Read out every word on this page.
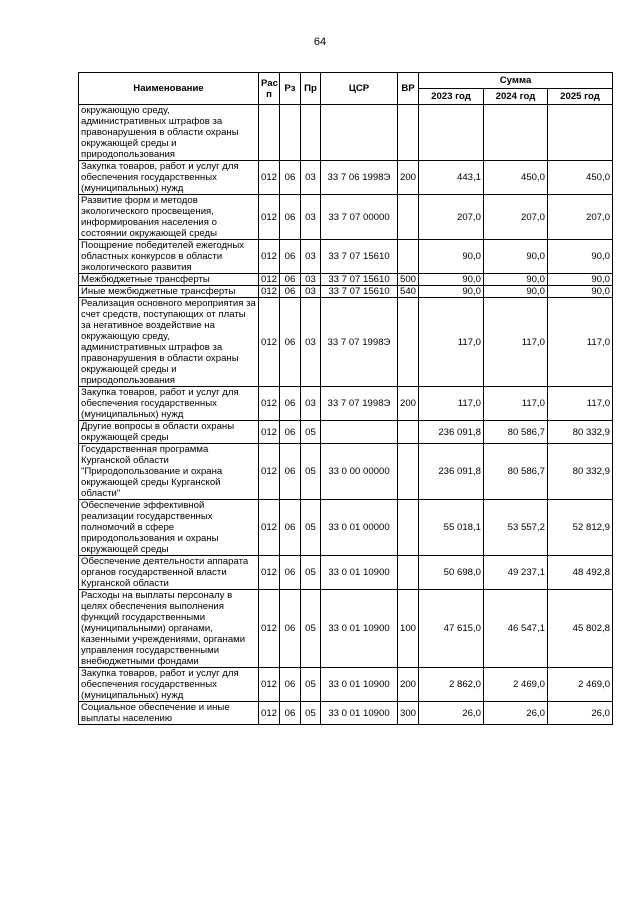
64
Наименование	Рас п	Рз	Пр	ЦСР	ВР	Сумма		
						2023 год	2024 год	2025 год
окружающую среду, административных штрафов за правонарушения в области охраны окружающей среды и природопользования								
Закупка товаров, работ и услуг для обеспечения государственных (муниципальных) нужд	012	06	03	33 7 06 1998Э	200	443,1	450,0	450,0
Развитие форм и методов экологического просвещения, информирования населения о состоянии окружающей среды	012	06	03	33 7 07 00000		207,0	207,0	207,0
Поощрение победителей ежегодных областных конкурсов в области экологического развития	012	06	03	33 7 07 15610		90,0	90,0	90,0
Межбюджетные трансферты	012	06	03	33 7 07 15610	500	90,0	90,0	90,0
Иные межбюджетные трансферты	012	06	03	33 7 07 15610	540	90,0	90,0	90,0
Реализация основного мероприятия за счет средств, поступающих от платы за негативное воздействие на окружающую среду, административных штрафов за правонарушения в области охраны окружающей среды и природопользования	012	06	03	33 7 07 1998Э		117,0	117,0	117,0
Закупка товаров, работ и услуг для обеспечения государственных (муниципальных) нужд	012	06	03	33 7 07 1998Э	200	117,0	117,0	117,0
Другие вопросы в области охраны окружающей среды	012	06	05			236 091,8	80 586,7	80 332,9
Государственная программа Курганской области "Природопользование и охрана окружающей среды Курганской области"	012	06	05	33 0 00 00000		236 091,8	80 586,7	80 332,9
Обеспечение эффективной реализации государственных полномочий в сфере природопользования и охраны окружающей среды	012	06	05	33 0 01 00000		55 018,1	53 557,2	52 812,9
Обеспечение деятельности аппарата органов государственной власти Курганской области	012	06	05	33 0 01 10900		50 698,0	49 237,1	48 492,8
Расходы на выплаты персоналу в целях обеспечения выполнения функций государственными (муниципальными) органами, казенными учреждениями, органами управления государственными внебюджетными фондами	012	06	05	33 0 01 10900	100	47 615,0	46 547,1	45 802,8
Закупка товаров, работ и услуг для обеспечения государственных (муниципальных) нужд	012	06	05	33 0 01 10900	200	2 862,0	2 469,0	2 469,0
Социальное обеспечение и иные выплаты населению	012	06	05	33 0 01 10900	300	26,0	26,0	26,0
